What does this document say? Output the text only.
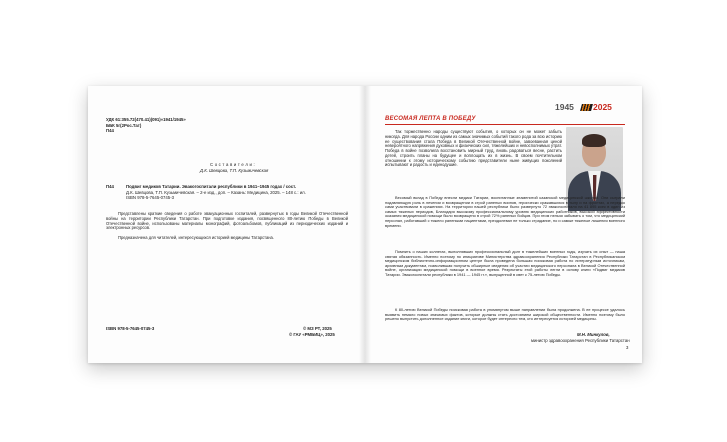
УДК 61:355.72(470.41)(091)«1941/1945»
ББК 5г(2Рос.Тат)
П44
С о с т а в и т е л и :
Д.К. Шевцова, Т.П. Кузьмичевская
П44	Подвиг медиков Татарии. Эвакогоспитали республики в 1941–1945 годах / сост.
Д.К. Шевцова, Т.П. Кузьмичевская. – 2-е изд., доп. – Казань: Медицина, 2025. – 148 с.: ил.
ISBN 978-5-7645-0745-3
Представлены краткие сведения о работе эвакуационных госпиталей, развернутых в годы Великой Отечественной войны на территории Республики Татарстан. При подготовке издания, посвященного 80-летию Победы в Великой Отечественной войне, использованы материалы монографий, фотоальбомов, публикаций из периодических изданий и электронных ресурсов.
Предназначена для читателей, интересующихся историей медицины Татарстана.
ISBN 978-5-7645-0745-3	© МЗ РТ, 2025
© ГАУ «РМБИЦ», 2025
1945 2025
ВЕСОМАЯ ЛЕПТА В ПОБЕДУ
Так торжественно народы существуют события, о которых он не может забыть никогда. Для народа России одним из самых значимых событий такого рода за всю историю ее существования стала Победа в Великой Отечественной войне, завоеванная ценой невероятного напряжения духовных и физических сил, тяжелейших и невосполнимых утрат. Победа в войне позволила восстановить мирный труд, вновь радоваться весне, растить детей, строить планы на будущее и воплощать их в жизнь. В своем почтительном отношении к этому историческому событию представители ныне живущих поколений испытывают и радость и единодушие.
Весомый вклад в Победу внесли медики Татарии, воспитанные знаменитой казанской медицинской школой. Они сыграли подавляющую роль в лечении и возвращении в строй раненых воинов, героически сражавшихся в тылу и на фронтах, а нередко сами участвовали в сражениях. На территории нашей республики было развернуто 72 эвакогоспиталя на 41 895 коек в один из самых тяжелых периодов, Благодаря высокому профессиональному уровню медицинских работников, высокой эффективности оказания медицинской помощи было возвращено в строй 72% раненых бойцов. При этом нельзя забывать о том, что медицинский персонал, работавший с тяжело ранеными пациентами, преодолевал не только страдание, но и самые тяжелые лишения военного времени.
Помнить о наших коллегах, выполнявших профессиональный долг в тяжелейших военных годы, изучать их опыт — наша святая обязанность. Именно поэтому по инициативе Министерства здравоохранения Республики Татарстан в Республиканском медицинском библиотечно-информационном центре была проведена большая поисковая работа по литературным источникам, архивным документам, позволившая получить обширные сведения об участии медицинского персонала в Великой Отечественной войне, организации медицинской помощи в военное время. Результаты этой работы легли в основу книги «Подвиг медиков Татарии. Эвакогоспитали республики в 1941 — 1945 гг.», выпущенной в свет к 75-летию Победы.
К 80-летию Великой Победы поисковая работа в упомянутом выше направлении была продолжена. В ее процессе удалось выявить немало новых значимых фактов, которые должны стать достоянием широкой общественности. Именно поэтому было решено выпустить дополненное издание книги, которое будет интересно тем, кто интересуется историей медицины.
М.Н. Минкулов,
министр здравоохранения Республики Татарстан
3
